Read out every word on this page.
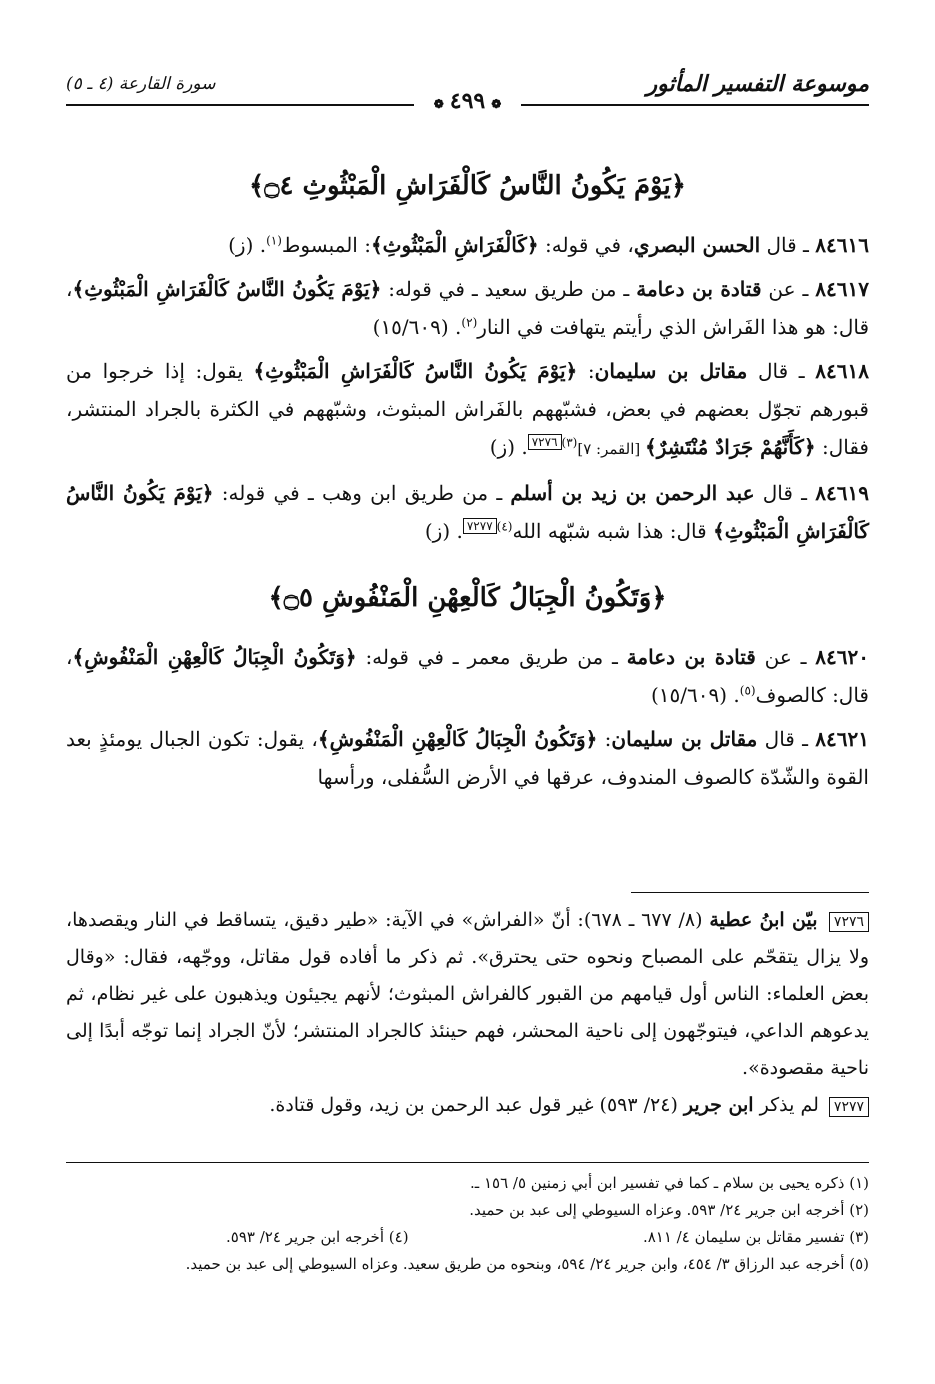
موسوعة التفسير المأثور
سورة القارعة (٤ ـ ٥)
❁ ٤٩٩ ❁
﴿يَوْمَ يَكُونُ النَّاسُ كَالْفَرَاشِ الْمَبْثُوثِ ۝٤﴾

٨٤٦١٦ ـ قال الحسن البصري، في قوله: ﴿كَالْفَرَاشِ الْمَبْثُوثِ﴾: المبسوط$^{(١)}$. (ز)

٨٤٦١٧ ـ عن قتادة بن دعامة ـ من طريق سعيد ـ في قوله: ﴿يَوْمَ يَكُونُ النَّاسُ كَالْفَرَاشِ الْمَبْثُوثِ﴾، قال: هو هذا الفَراش الذي رأيتم يتهافت في النار$^{(٢)}$. (١٥/٦٠٩)

٨٤٦١٨ ـ قال مقاتل بن سليمان: ﴿يَوْمَ يَكُونُ النَّاسُ كَالْفَرَاشِ الْمَبْثُوثِ﴾ يقول: إذا خرجوا من قبورهم تجوّل بعضهم في بعض، فشبّههم بالفَراش المبثوث، وشبّههم في الكثرة بالجراد المنتشر، فقال: ﴿كَأَنَّهُمْ جَرَادٌ مُنْتَشِرٌ﴾ [القمر: ٧]$^{(٣)}$٧٢٧٦. (ز)

٨٤٦١٩ ـ قال عبد الرحمن بن زيد بن أسلم ـ من طريق ابن وهب ـ في قوله: ﴿يَوْمَ يَكُونُ النَّاسُ كَالْفَرَاشِ الْمَبْثُوثِ﴾ قال: هذا شبه شبّهه الله$^{(٤)}$٧٢٧٧. (ز)

﴿وَتَكُونُ الْجِبَالُ كَالْعِهْنِ الْمَنْفُوشِ ۝٥﴾

٨٤٦٢٠ ـ عن قتادة بن دعامة ـ من طريق معمر ـ في قوله: ﴿وَتَكُونُ الْجِبَالُ كَالْعِهْنِ الْمَنْفُوشِ﴾، قال: كالصوف$^{(٥)}$. (١٥/٦٠٩)

٨٤٦٢١ ـ قال مقاتل بن سليمان: ﴿وَتَكُونُ الْجِبَالُ كَالْعِهْنِ الْمَنْفُوشِ﴾، يقول: تكون الجبال يومئذٍ بعد القوة والشّدّة كالصوف المندوف، عرقها في الأرض السُّفلى، ورأسها

٧٢٧٦ بيّن ابنُ عطية (٨/ ٦٧٧ ـ ٦٧٨): أنّ «الفراش» في الآية: «طير دقيق، يتساقط في النار ويقصدها، ولا يزال يتقحّم على المصباح ونحوه حتى يحترق». ثم ذكر ما أفاده قول مقاتل، ووجّهه، فقال: «وقال بعض العلماء: الناس أول قيامهم من القبور كالفراش المبثوث؛ لأنهم يجيئون ويذهبون على غير نظام، ثم يدعوهم الداعي، فيتوجّهون إلى ناحية المحشر، فهم حينئذ كالجراد المنتشر؛ لأنّ الجراد إنما توجّه أبدًا إلى ناحية مقصودة».

٧٢٧٧ لم يذكر ابن جرير (٢٤/ ٥٩٣) غير قول عبد الرحمن بن زيد، وقول قتادة.

(١) ذكره يحيى بن سلام ـ كما في تفسير ابن أبي زمنين ٥/ ١٥٦ ـ.

(٢) أخرجه ابن جرير ٢٤/ ٥٩٣. وعزاه السيوطي إلى عبد بن حميد.

(٣) تفسير مقاتل بن سليمان ٤/ ٨١١.

(٤) أخرجه ابن جرير ٢٤/ ٥٩٣.

(٥) أخرجه عبد الرزاق ٣/ ٤٥٤، وابن جرير ٢٤/ ٥٩٤، وبنحوه من طريق سعيد. وعزاه السيوطي إلى عبد بن حميد.
